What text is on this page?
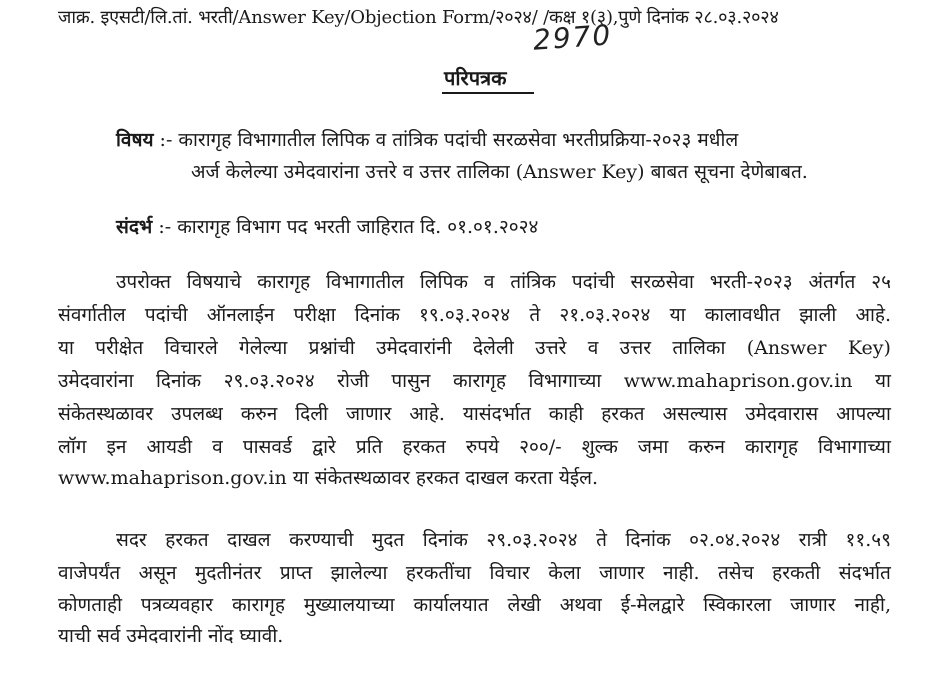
जाक्र. इएसटी/लि.तां. भरती/Answer Key/Objection Form/२०२४/ /कक्ष १(३),पुणे दिनांक २८.०३.२०२४
2970
परिपत्रक
विषय :- कारागृह विभागातील लिपिक व तांत्रिक पदांची सरळसेवा भरतीप्रक्रिया-२०२३ मधील
अर्ज केलेल्या उमेदवारांना उत्तरे व उत्तर तालिका (Answer Key) बाबत सूचना देणेबाबत.
संदर्भ :- कारागृह विभाग पद भरती जाहिरात दि. ०१.०१.२०२४
उपरोक्त विषयाचे कारागृह विभागातील लिपिक व तांत्रिक पदांची सरळसेवा भरती-२०२३ अंतर्गत २५
संवर्गातील पदांची ऑनलाईन परीक्षा दिनांक १९.०३.२०२४ ते २१.०३.२०२४ या कालावधीत झाली आहे.
या परीक्षेत विचारले गेलेल्या प्रश्नांची उमेदवारांनी देलेली उत्तरे व उत्तर तालिका (Answer Key)
उमेदवारांना दिनांक २९.०३.२०२४ रोजी पासुन कारागृह विभागाच्या www.mahaprison.gov.in या
संकेतस्थळावर उपलब्ध करुन दिली जाणार आहे. यासंदर्भात काही हरकत असल्यास उमेदवारास आपल्या
लॉग इन आयडी व पासवर्ड द्वारे प्रति हरकत रुपये २००/- शुल्क जमा करुन कारागृह विभागाच्या
www.mahaprison.gov.in या संकेतस्थळावर हरकत दाखल करता येईल.
सदर हरकत दाखल करण्याची मुदत दिनांक २९.०३.२०२४ ते दिनांक ०२.०४.२०२४ रात्री ११.५९
वाजेपर्यंत असून मुदतीनंतर प्राप्त झालेल्या हरकतींचा विचार केला जाणार नाही. तसेच हरकती संदर्भात
कोणताही पत्रव्यवहार कारागृह मुख्यालयाच्या कार्यालयात लेखी अथवा ई-मेलद्वारे स्विकारला जाणार नाही,
याची सर्व उमेदवारांनी नोंद घ्यावी.
